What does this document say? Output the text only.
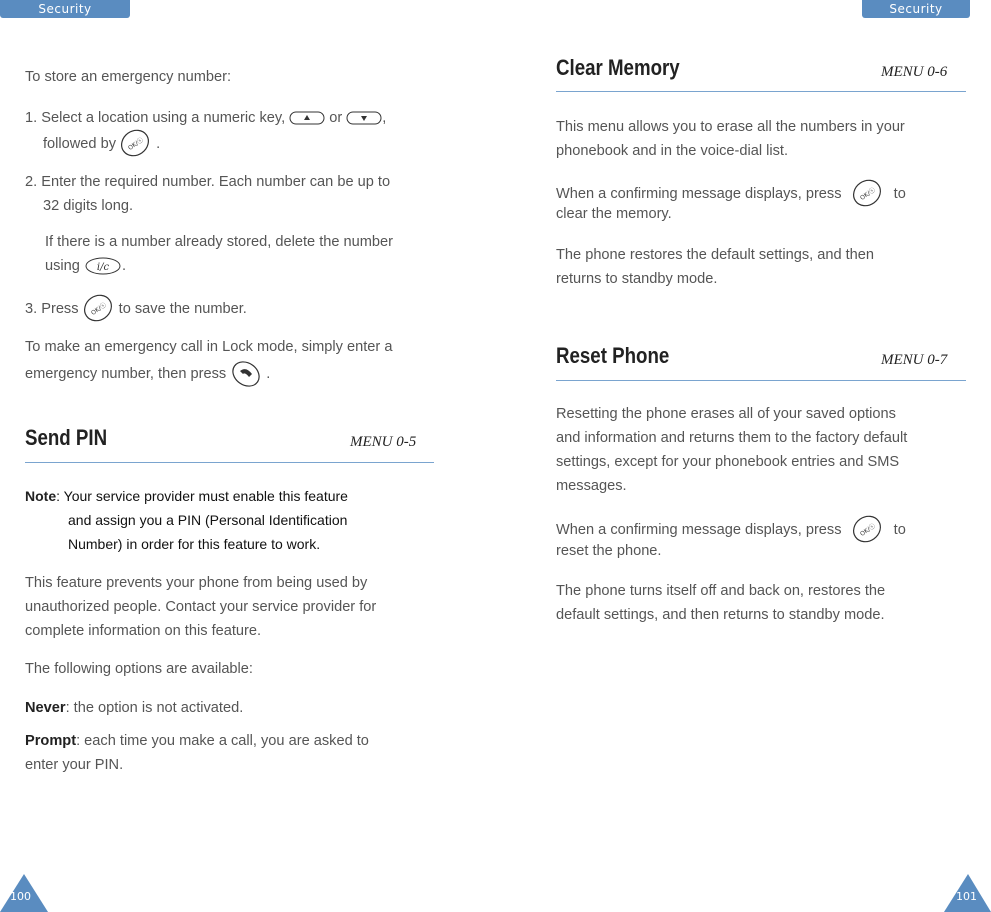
Security	Security
To store an emergency number:
1. Select a location using a numeric key,	or	,
followed by  .
2. Enter the required number. Each number can be up to
32 digits long.
If there is a number already stored, delete the number
using i/c .
3. Press	to save the number.
To make an emergency call in Lock mode, simply enter a
emergency number, then press  .
Send PIN	MENU 0-5
Note: Your service provider must enable this feature
and assign you a PIN (Personal Identification
Number) in order for this feature to work.
This feature prevents your phone from being used by
unauthorized people. Contact your service provider for
complete information on this feature.
The following options are available:
Never: the option is not activated.
Prompt: each time you make a call, you are asked to
enter your PIN.
Clear Memory	MENU 0-6
This menu allows you to erase all the numbers in your
phonebook and in the voice-dial list.
When a confirming message displays, press	to
clear the memory.
The phone restores the default settings, and then
returns to standby mode.
Reset Phone	MENU 0-7
Resetting the phone erases all of your saved options
and information and returns them to the factory default
settings, except for your phonebook entries and SMS
messages.
When a confirming message displays, press	to
reset the phone.
The phone turns itself off and back on, restores the
default settings, and then returns to standby mode.
100	101
